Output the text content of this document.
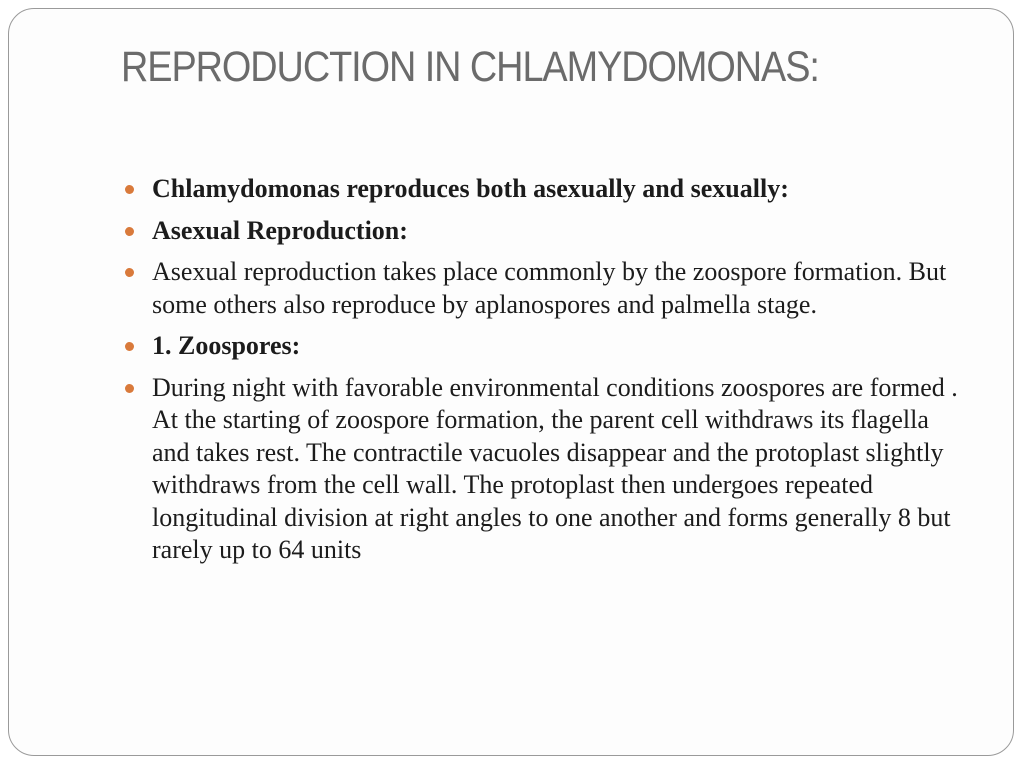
REPRODUCTION IN CHLAMYDOMONAS:
Chlamydomonas reproduces both asexually and sexually:
Asexual Reproduction:
Asexual reproduction takes place commonly by the zoospore formation. But some others also reproduce by aplanospores and palmella stage.
1. Zoospores:
During night with favorable environmental conditions zoospores are formed . At the starting of zoospore formation, the parent cell withdraws its flagella and takes rest. The contractile vacuoles disappear and the protoplast slightly withdraws from the cell wall. The protoplast then undergoes repeated longitudinal division at right angles to one another and forms generally 8 but rarely up to 64 units
